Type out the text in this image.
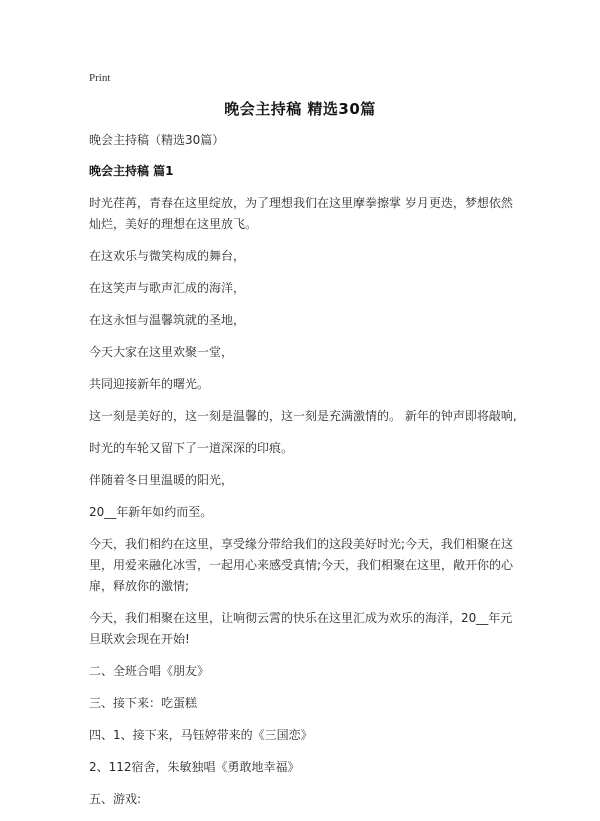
Print
晚会主持稿 精选30篇

晚会主持稿（精选30篇）

晚会主持稿 篇1

时光荏苒，青春在这里绽放，为了理想我们在这里摩拳擦掌 岁月更迭，梦想依然灿烂，美好的理想在这里放飞。

在这欢乐与微笑构成的舞台，

在这笑声与歌声汇成的海洋，

在这永恒与温馨筑就的圣地，

今天大家在这里欢聚一堂，

共同迎接新年的曙光。

这一刻是美好的，这一刻是温馨的，这一刻是充满激情的。 新年的钟声即将敲响,

时光的车轮又留下了一道深深的印痕。

伴随着冬日里温暖的阳光，

20__年新年如约而至。

今天，我们相约在这里，享受缘分带给我们的这段美好时光;今天，我们相聚在这里，用爱来融化冰雪，一起用心来感受真情;今天，我们相聚在这里，敞开你的心扉，释放你的激情;

今天，我们相聚在这里，让响彻云霄的快乐在这里汇成为欢乐的海洋，20__年元旦联欢会现在开始!

二、全班合唱《朋友》

三、接下来：吃蛋糕

四、1、接下来，马钰婷带来的《三国恋》

2、112宿舍，朱敏独唱《勇敢地幸福》

五、游戏:
